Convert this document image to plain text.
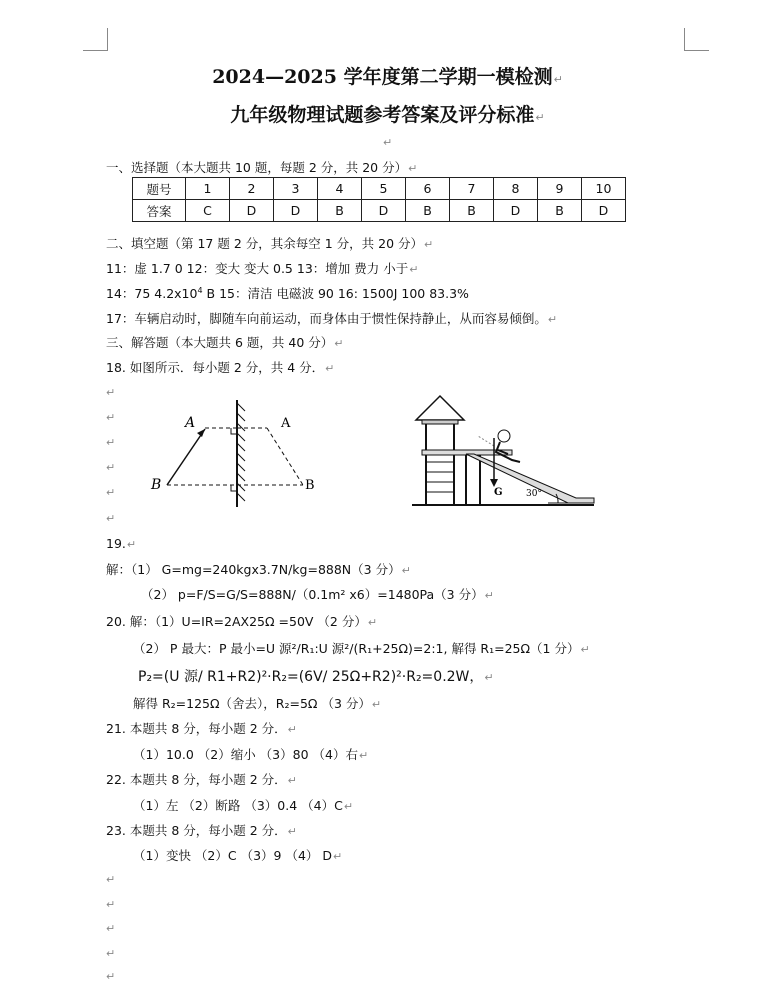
2024—2025 学年度第二学期一模检测↵
九年级物理试题参考答案及评分标准↵
↵
一、选择题（本大题共 10 题，每题 2 分，共 20 分）↵
题号	1	2	3	4	5	6	7	8	9	10
答案	C	D	D	B	D	B	B	D	B	D
二、填空题（第 17 题 2 分，其余每空 1 分，共 20 分）↵
11：虚 1.7 0 12：变大 变大 0.5 13：增加 费力 小于↵
14：75 $4.2x10^4$ B 15：清洁 电磁波 90 16: 1500J 100 83.3%
17：车辆启动时，脚随车向前运动，而身体由于惯性保持静止，从而容易倾倒。↵
三、解答题（本大题共 6 题，共 40 分）↵
18. 如图所示．每小题 2 分，共 4 分．↵
↵
↵
↵
↵
↵
↵
A	A
B	B	G	30°
19.↵
解：（1） G=mg=240kgx3.7N/kg=888N（3 分）↵
（2） p=F/S=G/S=888N/（0.1m² x6）=1480Pa（3 分）↵
20. 解：（1）U=IR=2AX25Ω =50V （2 分）↵
（2） P 最大：P 最小=U 源²/R₁:U 源²/(R₁+25Ω)=2:1, 解得 R₁=25Ω（1 分）↵
P₂=(U 源/ R1+R2)²·R₂=(6V/ 25Ω+R2)²·R₂=0.2W，↵
解得 R₂=125Ω（舍去），R₂=5Ω （3 分）↵
21. 本题共 8 分，每小题 2 分．↵
（1）10.0 （2）缩小 （3）80 （4）右↵
22. 本题共 8 分，每小题 2 分．↵
（1）左 （2）断路 （3）0.4 （4）C↵
23. 本题共 8 分，每小题 2 分．↵
（1）变快 （2）C （3）9 （4） D↵
↵
↵
↵
↵
↵
